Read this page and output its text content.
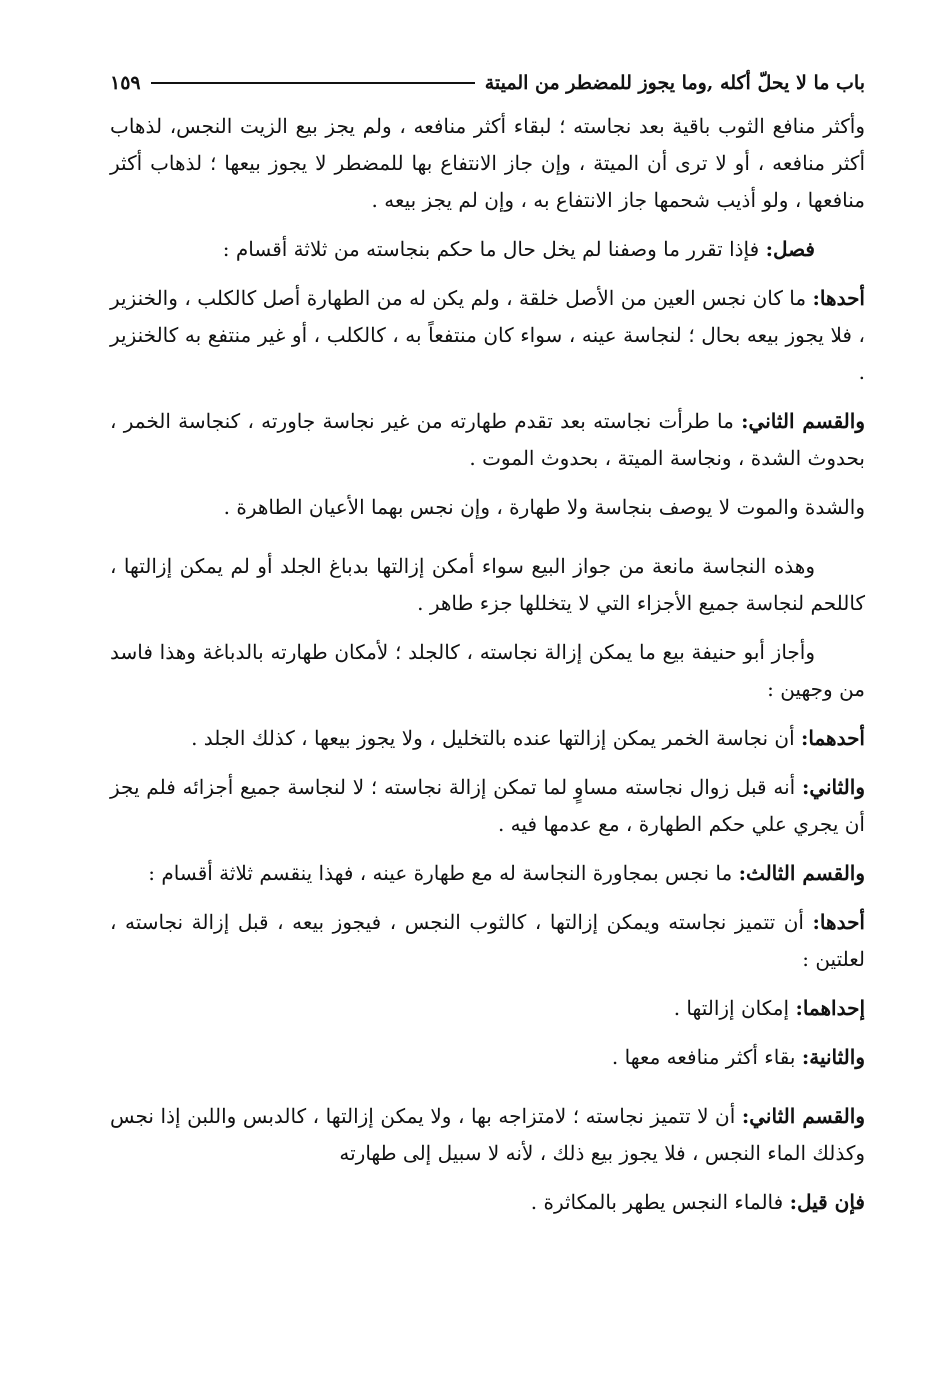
باب ما لا يحلّ أكله ,وما يجوز للمضطر من الميتة
١٥٩

وأكثر منافع الثوب باقية بعد نجاسته ؛ لبقاء أكثر منافعه ، ولم يجز بيع الزيت النجس، لذهاب أكثر منافعه ، أو لا ترى أن الميتة ، وإن جاز الانتفاع بها للمضطر لا يجوز بيعها ؛ لذهاب أكثر منافعها ، ولو أذيب شحمها جاز الانتفاع به ، وإن لم يجز بيعه .

فصل: فإذا تقرر ما وصفنا لم يخل حال ما حكم بنجاسته من ثلاثة أقسام :

أحدها: ما كان نجس العين من الأصل خلقة ، ولم يكن له من الطهارة أصل كالكلب ، والخنزير ، فلا يجوز بيعه بحال ؛ لنجاسة عينه ، سواء كان منتفعاً به ، كالكلب ، أو غير منتفع به كالخنزير .

والقسم الثاني: ما طرأت نجاسته بعد تقدم طهارته من غير نجاسة جاورته ، كنجاسة الخمر ، بحدوث الشدة ، ونجاسة الميتة ، بحدوث الموت .

والشدة والموت لا يوصف بنجاسة ولا طهارة ، وإن نجس بهما الأعيان الطاهرة .

وهذه النجاسة مانعة من جواز البيع سواء أمكن إزالتها بدباغ الجلد أو لم يمكن إزالتها ، كاللحم لنجاسة جميع الأجزاء التي لا يتخللها جزء طاهر .

وأجاز أبو حنيفة بيع ما يمكن إزالة نجاسته ، كالجلد ؛ لأمكان طهارته بالدباغة وهذا فاسد من وجهين :

أحدهما: أن نجاسة الخمر يمكن إزالتها عنده بالتخليل ، ولا يجوز بيعها ، كذلك الجلد .

والثاني: أنه قبل زوال نجاسته مساوٍ لما تمكن إزالة نجاسته ؛ لا لنجاسة جميع أجزائه فلم يجز أن يجري علي حكم الطهارة ، مع عدمها فيه .

والقسم الثالث: ما نجس بمجاورة النجاسة له مع طهارة عينه ، فهذا ينقسم ثلاثة أقسام :

أحدها: أن تتميز نجاسته ويمكن إزالتها ، كالثوب النجس ، فيجوز بيعه ، قبل إزالة نجاسته ، لعلتين :

إحداهما: إمكان إزالتها .

والثانية: بقاء أكثر منافعه معها .

والقسم الثاني: أن لا تتميز نجاسته ؛ لامتزاجه بها ، ولا يمكن إزالتها ، كالدبس واللبن إذا نجس وكذلك الماء النجس ، فلا يجوز بيع ذلك ، لأنه لا سبيل إلى طهارته

فإن قيل: فالماء النجس يطهر بالمكاثرة .
